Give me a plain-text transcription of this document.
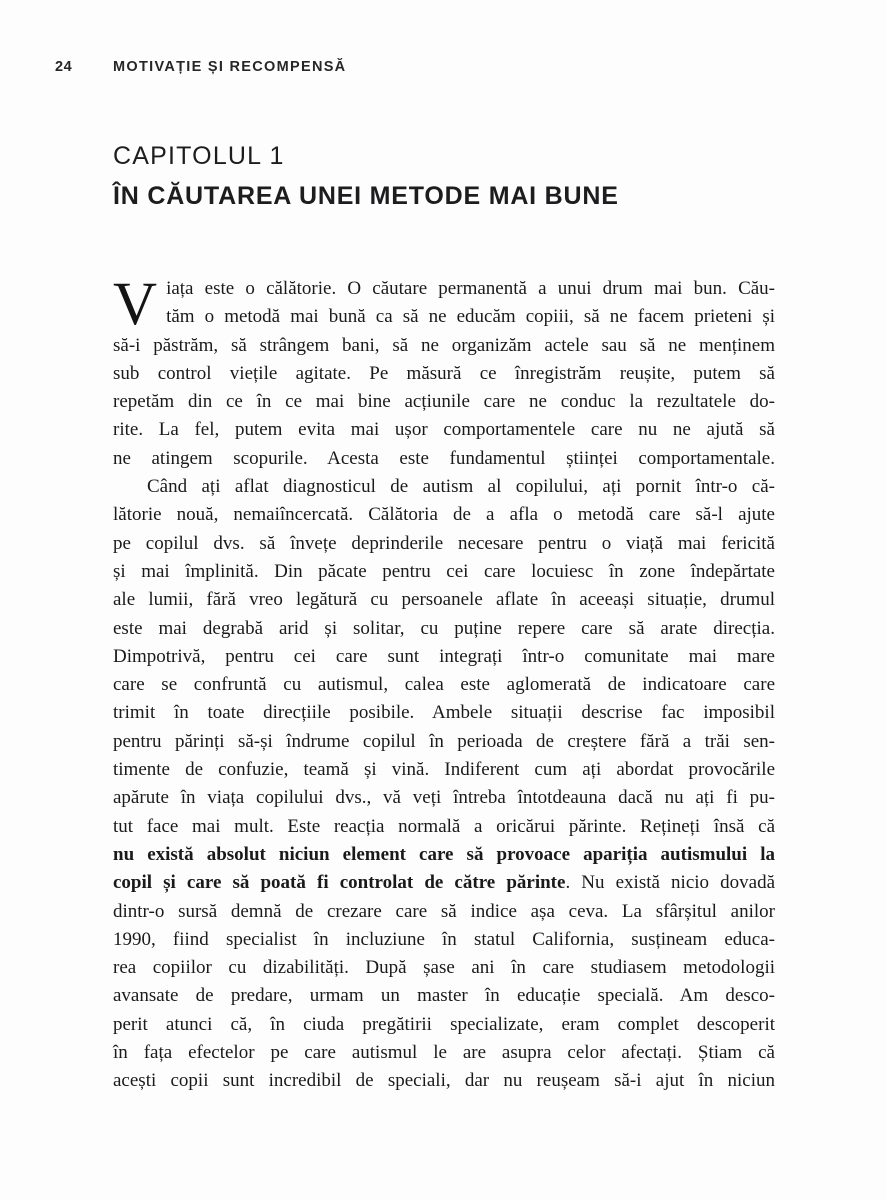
24	MOTIVAȚIE ȘI RECOMPENSĂ
CAPITOLUL 1
ÎN CĂUTAREA UNEI METODE MAI BUNE
V iața este o călătorie. O căutare permanentă a unui drum mai bun. Cău-
tăm o metodă mai bună ca să ne educăm copiii, să ne facem prieteni și
să-i păstrăm, să strângem bani, să ne organizăm actele sau să ne menținem
sub control viețile agitate. Pe măsură ce înregistrăm reușite, putem să
repetăm din ce în ce mai bine acțiunile care ne conduc la rezultatele do-
rite. La fel, putem evita mai ușor comportamentele care nu ne ajută să
ne atingem scopurile. Acesta este fundamentul științei comportamentale.
Când ați aflat diagnosticul de autism al copilului, ați pornit într-o că-
lătorie nouă, nemaiîncercată. Călătoria de a afla o metodă care să-l ajute
pe copilul dvs. să învețe deprinderile necesare pentru o viață mai fericită
și mai împlinită. Din păcate pentru cei care locuiesc în zone îndepărtate
ale lumii, fără vreo legătură cu persoanele aflate în aceeași situație, drumul
este mai degrabă arid și solitar, cu puține repere care să arate direcția.
Dimpotrivă, pentru cei care sunt integrați într-o comunitate mai mare
care se confruntă cu autismul, calea este aglomerată de indicatoare care
trimit în toate direcțiile posibile. Ambele situații descrise fac imposibil
pentru părinți să-și îndrume copilul în perioada de creștere fără a trăi sen-
timente de confuzie, teamă și vină. Indiferent cum ați abordat provocările
apărute în viața copilului dvs., vă veți întreba întotdeauna dacă nu ați fi pu-
tut face mai mult. Este reacția normală a oricărui părinte. Rețineți însă că
nu există absolut niciun element care să provoace apariția autismului la
copil și care să poată fi controlat de către părinte. Nu există nicio dovadă
dintr-o sursă demnă de crezare care să indice așa ceva. La sfârșitul anilor
1990, fiind specialist în incluziune în statul California, susțineam educa-
rea copiilor cu dizabilități. După șase ani în care studiasem metodologii
avansate de predare, urmam un master în educație specială. Am desco-
perit atunci că, în ciuda pregătirii specializate, eram complet descoperit
în fața efectelor pe care autismul le are asupra celor afectați. Știam că
acești copii sunt incredibil de speciali, dar nu reușeam să-i ajut în niciun
